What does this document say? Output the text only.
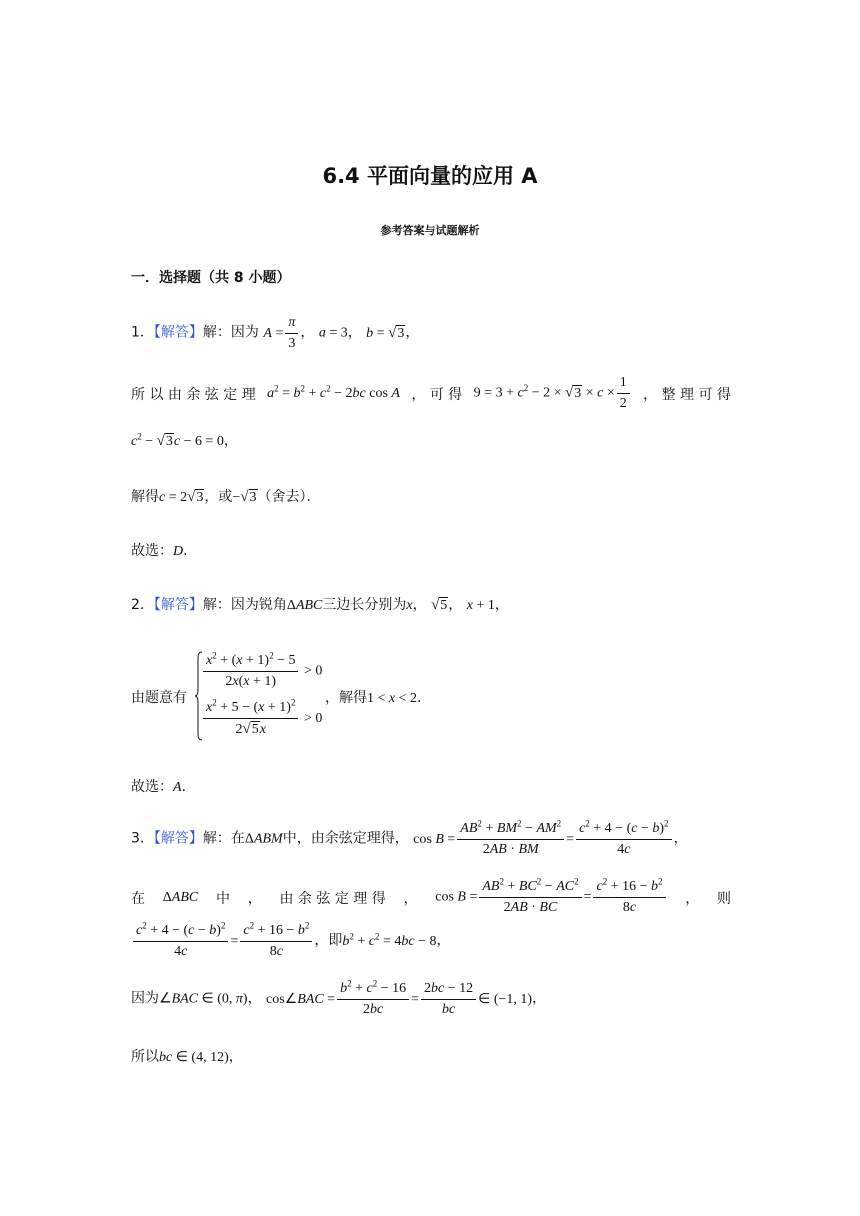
6.4 平面向量的应用 A
参考答案与试题解析
一．选择题（共 8 小题）
1．【解答】解：因为 $A = \frac{\pi}{3}$ ， a = 3， b = √3，
所 以 由 余 弦 定 理 $a^2 = b^2 + c^2 - 2bc$ cos A ， 可 得 $9 = 3 + c^2 - 2 \times √3 \times c \times \frac{1}{2}$ ， 整 理 可 得
$c^2 - √3c - 6 = 0$，
解得c = 2√3，或−√3（舍去）．
故选：D．
2．【解答】解：因为锐角ΔABC三边长分别为x， √5， x + 1，
由题意有
$\frac{x^2 + (x + 1)^2 - 5}{2x(x + 1)} > 0$
$\frac{x^2 + 5 - (x + 1)^2}{2√5x} > 0$
，解得1 < x < 2．
故选：A．
3．【解答】解：在ΔABM中，由余弦定理得， $\cos B = \frac{AB^2 + BM^2 - AM^2}{2AB \cdot BM} = \frac{c^2 + 4 - (c - b)^2}{4c}$ ，
在 ΔABC 中 ， 由 余 弦 定 理 得 ， $\cos B = \frac{AB^2 + BC^2 - AC^2}{2AB \cdot BC} = \frac{c^2 + 16 - b^2}{8c}$ ， 则
$\frac{c^2 + 4 - (c - b)^2}{4c} = \frac{c^2 + 16 - b^2}{8c}$ ，即$b^2 + c^2 = 4bc - 8$，
因为∠BAC ∈ (0, π)， cos∠BAC = $\frac{b^2 + c^2 - 16}{2bc} = \frac{2bc - 12}{bc}$ ∈ (−1, 1)，
所以bc ∈ (4, 12)，
